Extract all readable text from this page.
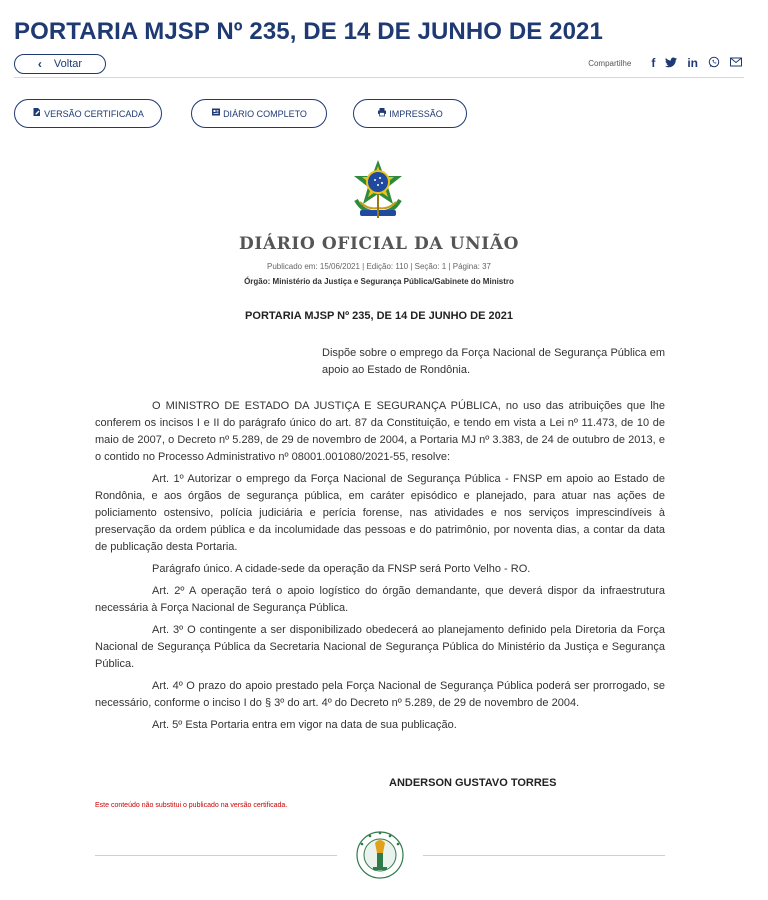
PORTARIA MJSP Nº 235, DE 14 DE JUNHO DE 2021
‹ Voltar	Compartilhe f	in
VERSÃO CERTIFICADA	DIÁRIO COMPLETO	IMPRESSÃO
DIÁRIO OFICIAL DA UNIÃO
Publicado em: 15/06/2021 | Edição: 110 | Seção: 1 | Página: 37
Órgão: Ministério da Justiça e Segurança Pública/Gabinete do Ministro
PORTARIA MJSP Nº 235, DE 14 DE JUNHO DE 2021
Dispõe sobre o emprego da Força Nacional de Segurança Pública em apoio ao Estado de Rondônia.

O MINISTRO DE ESTADO DA JUSTIÇA E SEGURANÇA PÚBLICA, no uso das atribuições que lhe conferem os incisos I e II do parágrafo único do art. 87 da Constituição, e tendo em vista a Lei nº 11.473, de 10 de maio de 2007, o Decreto nº 5.289, de 29 de novembro de 2004, a Portaria MJ nº 3.383, de 24 de outubro de 2013, e o contido no Processo Administrativo nº 08001.001080/2021-55, resolve:

Art. 1º Autorizar o emprego da Força Nacional de Segurança Pública - FNSP em apoio ao Estado de Rondônia, e aos órgãos de segurança pública, em caráter episódico e planejado, para atuar nas ações de policiamento ostensivo, polícia judiciária e perícia forense, nas atividades e nos serviços imprescindíveis à preservação da ordem pública e da incolumidade das pessoas e do patrimônio, por noventa dias, a contar da data de publicação desta Portaria.

Parágrafo único. A cidade-sede da operação da FNSP será Porto Velho - RO.

Art. 2º A operação terá o apoio logístico do órgão demandante, que deverá dispor da infraestrutura necessária à Força Nacional de Segurança Pública.

Art. 3º O contingente a ser disponibilizado obedecerá ao planejamento definido pela Diretoria da Força Nacional de Segurança Pública da Secretaria Nacional de Segurança Pública do Ministério da Justiça e Segurança Pública.

Art. 4º O prazo do apoio prestado pela Força Nacional de Segurança Pública poderá ser prorrogado, se necessário, conforme o inciso I do § 3º do art. 4º do Decreto nº 5.289, de 29 de novembro de 2004.

Art. 5º Esta Portaria entra em vigor na data de sua publicação.

ANDERSON GUSTAVO TORRES
Este conteúdo não substitui o publicado na versão certificada.
